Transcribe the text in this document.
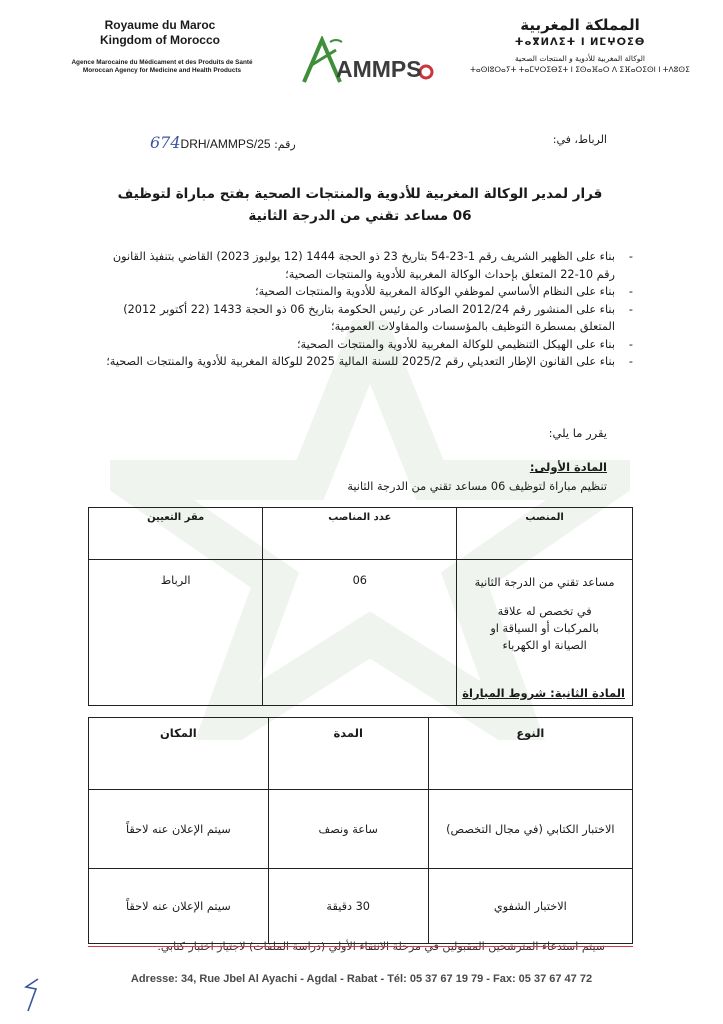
Royaume du Maroc
Kingdom of Morocco
Agence Marocaine du Médicament et des Produits de Santé
Moroccan Agency for Medicine and Health Products	AMMPS
المملكة المغربية
ⵜⴰⴳⵍⴷⵉⵜ ⵏ ⵍⵎⵖⵔⵉⴱ
الوكالة المغربية للأدوية و المنتجات الصحية
ⵜⴰⵙⵏⵓⵔⴰⵢⵜ ⵜⴰⵎⵖⵔⵉⴱⵉⵜ ⵏ ⵉⵙⴰⴼⴰⵔ ⴷ ⵉⴼⴰⵔⵉⵙⵏ ⵏ ⵜⴷⵓⵙⵉ
الرباط، في:
رقم: 674DRH/AMMPS/25
قرار لمدير الوكالة المغربية للأدوية والمنتجات الصحية بفتح مباراة لتوظيف 06 مساعد تقني من الدرجة الثانية
- بناء على الظهير الشريف رقم 1-23-54 بتاريخ 23 ذو الحجة 1444 (12 يوليوز 2023) القاضي بتنفيذ القانون رقم 10-22 المتعلق بإحداث الوكالة المغربية للأدوية والمنتجات الصحية؛
- بناء على النظام الأساسي لموظفي الوكالة المغربية للأدوية والمنتجات الصحية؛
- بناء على المنشور رقم 2012/24 الصادر عن رئيس الحكومة بتاريخ 06 ذو الحجة 1433 (22 أكتوبر 2012) المتعلق بمسطرة التوظيف بالمؤسسات والمقاولات العمومية؛
- بناء على الهيكل التنظيمي للوكالة المغربية للأدوية والمنتجات الصحية؛
- بناء على القانون الإطار التعديلي رقم 2025/2 للسنة المالية 2025 للوكالة المغربية للأدوية والمنتجات الصحية؛
يقرر ما يلي:
المادة الأولى:
تنظيم مباراة لتوظيف 06 مساعد تقني من الدرجة الثانية
المنصب	عدد المناصب	مقر التعيين

مساعد تقني من الدرجة الثانية
في تخصص له علاقة بالمركبات أو السياقة او الصيانة او الكهرباء	06	الرباط
المادة الثانية: شروط المباراة
النوع	المدة	المكان
الاختبار الكتابي (في مجال التخصص)	ساعة ونصف	سيتم الإعلان عنه لاحقاً
الاختبار الشفوي	30 دقيقة	سيتم الإعلان عنه لاحقاً
سيتم استدعاء المترشحين المقبولين في مرحلة الانتقاء الأولي (دراسة الملفات) لاجتياز اختبار كتابي.
Adresse: 34, Rue Jbel Al Ayachi - Agdal - Rabat - Tél: 05 37 67 19 79 - Fax: 05 37 67 47 72
